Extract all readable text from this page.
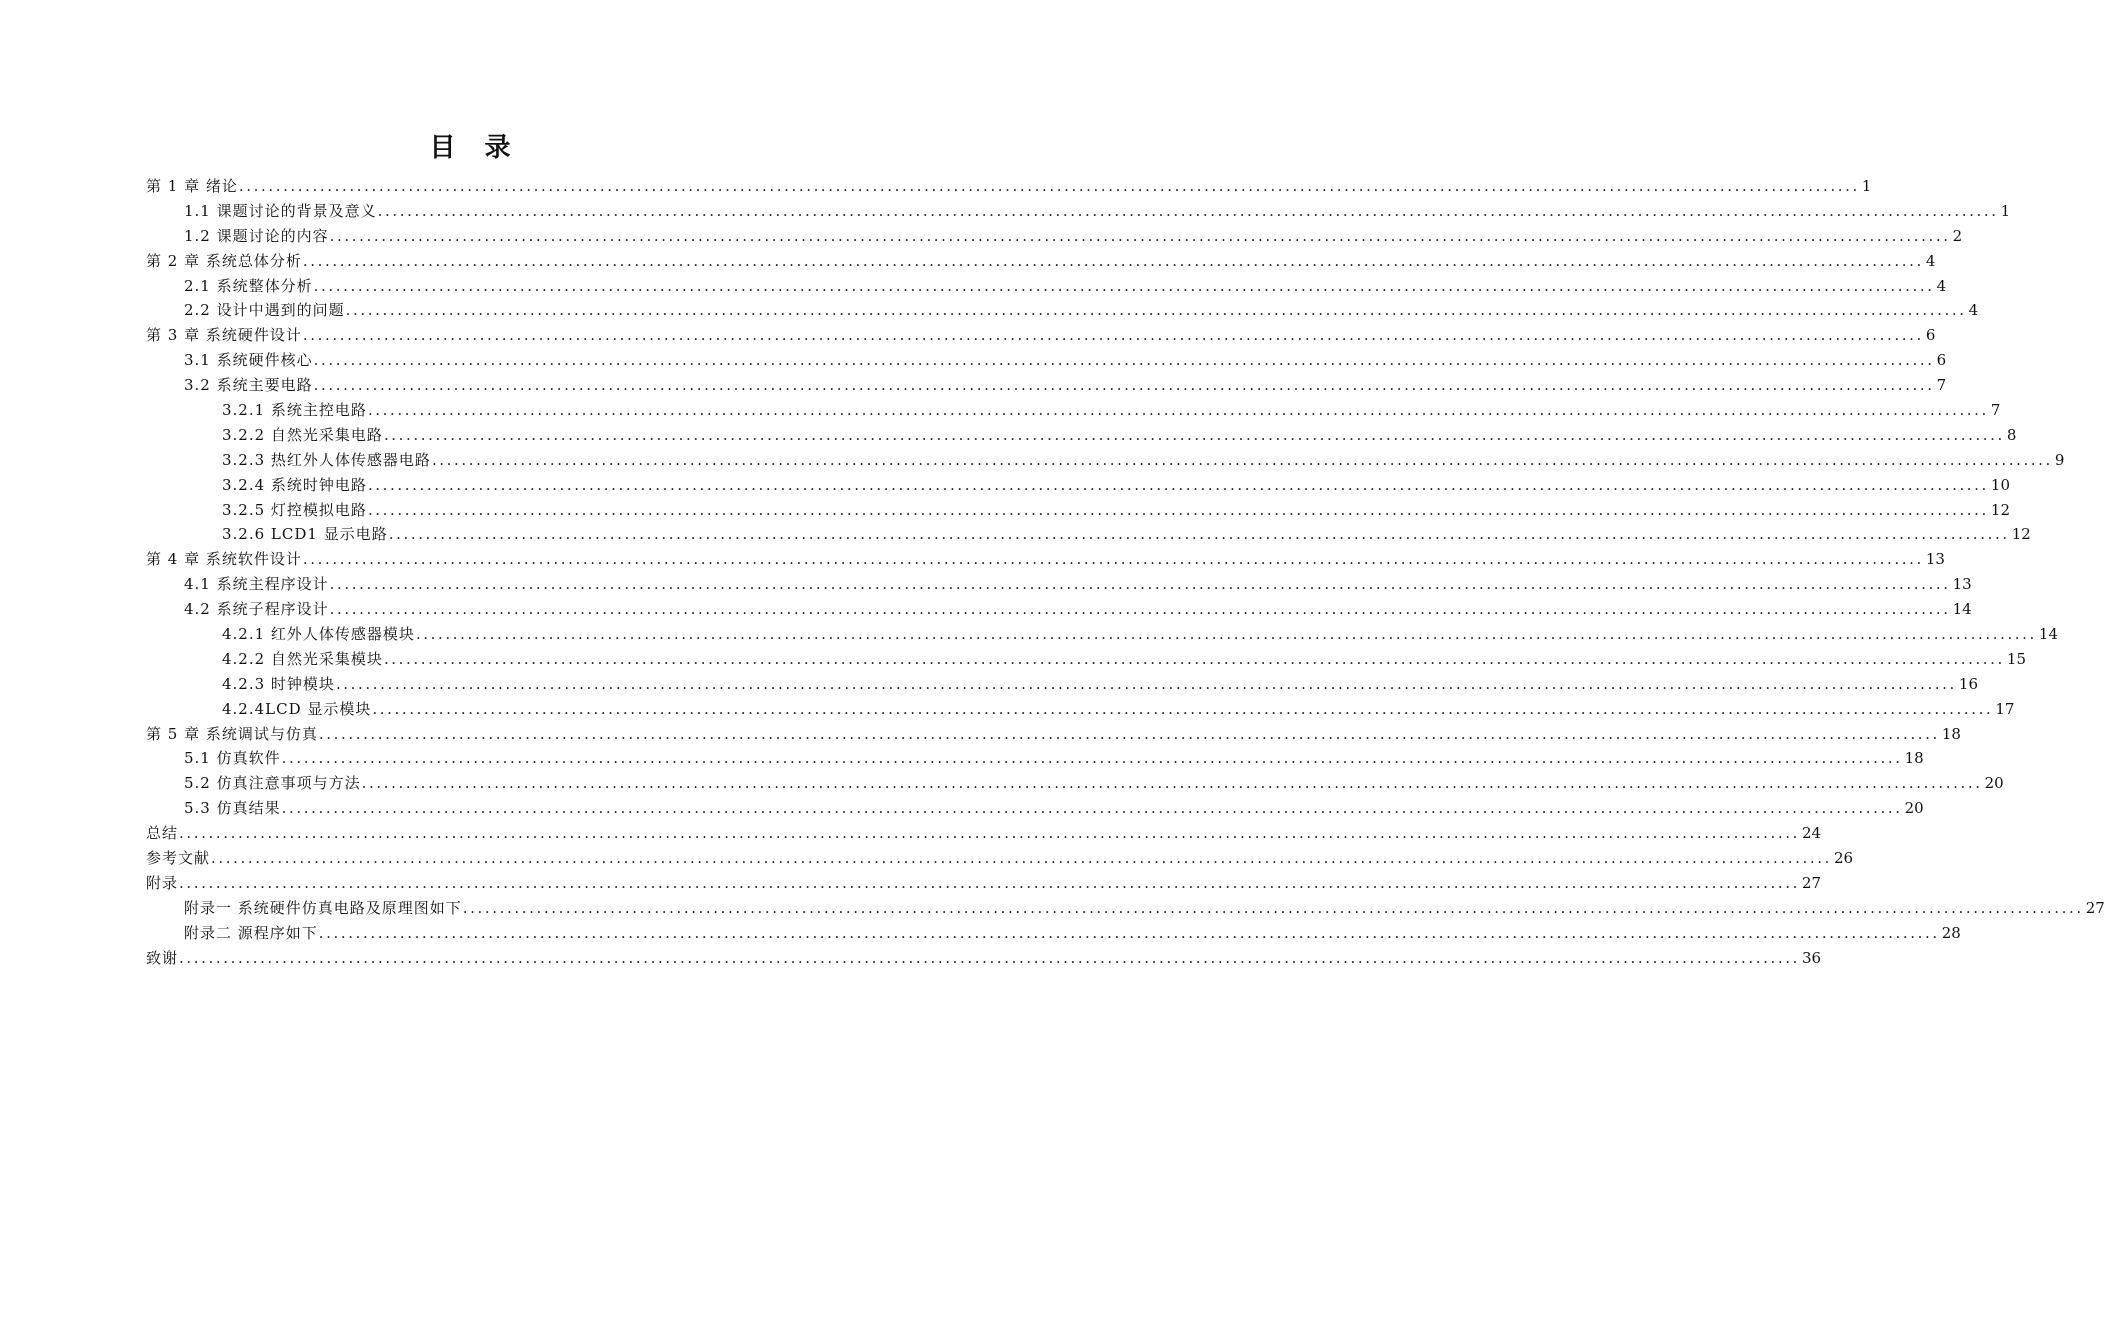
目 录
第 1 章 绪论 ............................................................................................................................................................................................................................ 1
1.1 课题讨论的背景及意义 ............................................................................................................................................................................................................................ 1
1.2 课题讨论的内容 ............................................................................................................................................................................................................................ 2
第 2 章 系统总体分析 ............................................................................................................................................................................................................................ 4
2.1 系统整体分析 ............................................................................................................................................................................................................................ 4
2.2 设计中遇到的问题 ............................................................................................................................................................................................................................ 4
第 3 章 系统硬件设计 ............................................................................................................................................................................................................................ 6
3.1 系统硬件核心 ............................................................................................................................................................................................................................ 6
3.2 系统主要电路 ............................................................................................................................................................................................................................ 7
3.2.1 系统主控电路 ............................................................................................................................................................................................................................ 7
3.2.2 自然光采集电路 ............................................................................................................................................................................................................................ 8
3.2.3 热红外人体传感器电路 ............................................................................................................................................................................................................................ 9
3.2.4 系统时钟电路 ............................................................................................................................................................................................................................ 10
3.2.5 灯控模拟电路 ............................................................................................................................................................................................................................ 12
3.2.6 LCD1 显示电路 ............................................................................................................................................................................................................................ 12
第 4 章 系统软件设计 ............................................................................................................................................................................................................................ 13
4.1 系统主程序设计 ............................................................................................................................................................................................................................ 13
4.2 系统子程序设计 ............................................................................................................................................................................................................................ 14
4.2.1 红外人体传感器模块 ............................................................................................................................................................................................................................ 14
4.2.2 自然光采集模块 ............................................................................................................................................................................................................................ 15
4.2.3 时钟模块 ............................................................................................................................................................................................................................ 16
4.2.4LCD 显示模块 ............................................................................................................................................................................................................................ 17
第 5 章 系统调试与仿真 ............................................................................................................................................................................................................................ 18
5.1 仿真软件 ............................................................................................................................................................................................................................ 18
5.2 仿真注意事项与方法 ............................................................................................................................................................................................................................ 20
5.3 仿真结果 ............................................................................................................................................................................................................................ 20
总结 ............................................................................................................................................................................................................................ 24
参考文献 ............................................................................................................................................................................................................................ 26
附录 ............................................................................................................................................................................................................................ 27
附录一 系统硬件仿真电路及原理图如下 ............................................................................................................................................................................................................................ 27
附录二 源程序如下 ............................................................................................................................................................................................................................ 28
致谢 ............................................................................................................................................................................................................................ 36
